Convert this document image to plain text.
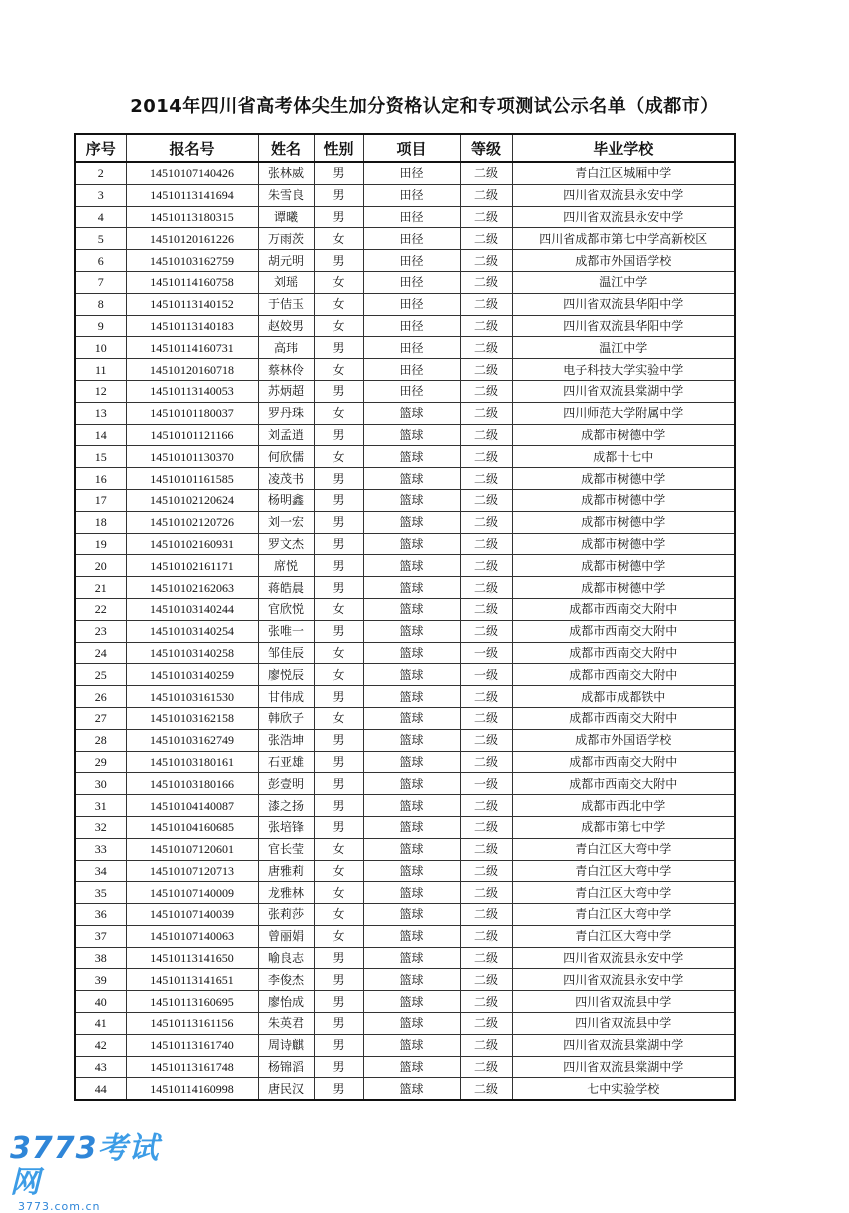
2014年四川省高考体尖生加分资格认定和专项测试公示名单（成都市）
序号	报名号	姓名	性别	项目	等级	毕业学校
2	14510107140426	张林威	男	田径	二级	青白江区城厢中学
3	14510113141694	朱雪良	男	田径	二级	四川省双流县永安中学
4	14510113180315	谭曦	男	田径	二级	四川省双流县永安中学
5	14510120161226	万雨茨	女	田径	二级	四川省成都市第七中学高新校区
6	14510103162759	胡元明	男	田径	二级	成都市外国语学校
7	14510114160758	刘瑶	女	田径	二级	温江中学
8	14510113140152	于佶玉	女	田径	二级	四川省双流县华阳中学
9	14510113140183	赵姣男	女	田径	二级	四川省双流县华阳中学
10	14510114160731	高玮	男	田径	二级	温江中学
11	14510120160718	蔡林伶	女	田径	二级	电子科技大学实验中学
12	14510113140053	苏炳超	男	田径	二级	四川省双流县棠湖中学
13	14510101180037	罗丹珠	女	篮球	二级	四川师范大学附属中学
14	14510101121166	刘孟逍	男	篮球	二级	成都市树德中学
15	14510101130370	何欣儒	女	篮球	二级	成都十七中
16	14510101161585	凌茂书	男	篮球	二级	成都市树德中学
17	14510102120624	杨明鑫	男	篮球	二级	成都市树德中学
18	14510102120726	刘一宏	男	篮球	二级	成都市树德中学
19	14510102160931	罗文杰	男	篮球	二级	成都市树德中学
20	14510102161171	席悦	男	篮球	二级	成都市树德中学
21	14510102162063	蒋皓晨	男	篮球	二级	成都市树德中学
22	14510103140244	官欣悦	女	篮球	二级	成都市西南交大附中
23	14510103140254	张唯一	男	篮球	二级	成都市西南交大附中
24	14510103140258	邹佳辰	女	篮球	一级	成都市西南交大附中
25	14510103140259	廖悦辰	女	篮球	一级	成都市西南交大附中
26	14510103161530	甘伟成	男	篮球	二级	成都市成都铁中
27	14510103162158	韩欣子	女	篮球	二级	成都市西南交大附中
28	14510103162749	张浩坤	男	篮球	二级	成都市外国语学校
29	14510103180161	石亚雄	男	篮球	二级	成都市西南交大附中
30	14510103180166	彭壹明	男	篮球	一级	成都市西南交大附中
31	14510104140087	漆之扬	男	篮球	二级	成都市西北中学
32	14510104160685	张培锋	男	篮球	二级	成都市第七中学
33	14510107120601	官长莹	女	篮球	二级	青白江区大弯中学
34	14510107120713	唐雅莉	女	篮球	二级	青白江区大弯中学
35	14510107140009	龙雅林	女	篮球	二级	青白江区大弯中学
36	14510107140039	张莉莎	女	篮球	二级	青白江区大弯中学
37	14510107140063	曾丽娟	女	篮球	二级	青白江区大弯中学
38	14510113141650	喻良志	男	篮球	二级	四川省双流县永安中学
39	14510113141651	李俊杰	男	篮球	二级	四川省双流县永安中学
40	14510113160695	廖怡成	男	篮球	二级	四川省双流县中学
41	14510113161156	朱英君	男	篮球	二级	四川省双流县中学
42	14510113161740	周诗麒	男	篮球	二级	四川省双流县棠湖中学
43	14510113161748	杨锦滔	男	篮球	二级	四川省双流县棠湖中学
44	14510114160998	唐民汉	男	篮球	二级	七中实验学校
3773考试网
3773.com.cn
